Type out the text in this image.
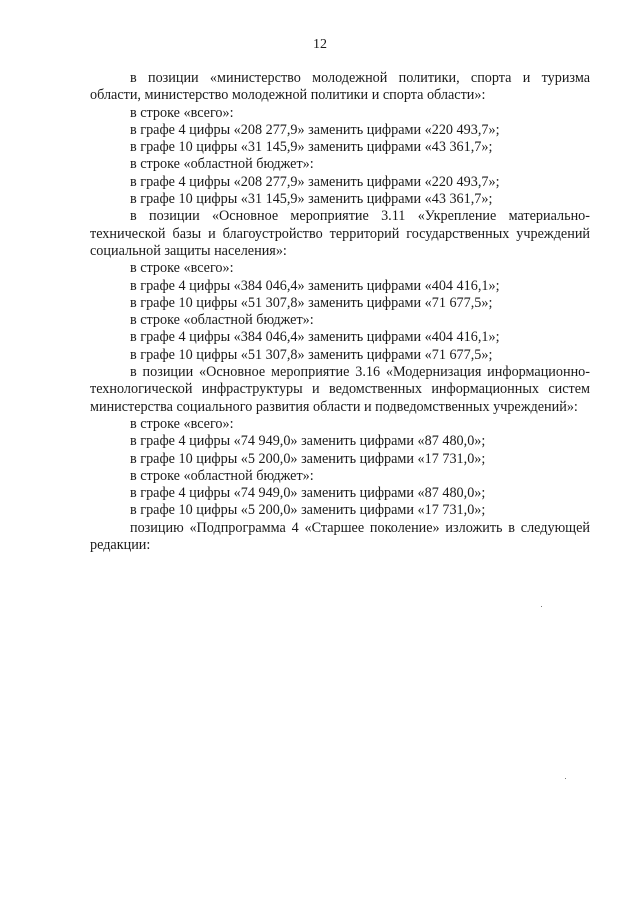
12

в позиции «министерство молодежной политики, спорта и туризма области, министерство молодежной политики и спорта области»:

в строке «всего»:

в графе 4 цифры «208 277,9» заменить цифрами «220 493,7»;

в графе 10 цифры «31 145,9» заменить цифрами «43 361,7»;

в строке «областной бюджет»:

в графе 4 цифры «208 277,9» заменить цифрами «220 493,7»;

в графе 10 цифры «31 145,9» заменить цифрами «43 361,7»;

в позиции «Основное мероприятие 3.11 «Укрепление материально-технической базы и благоустройство территорий государственных учреждений социальной защиты населения»:

в строке «всего»:

в графе 4 цифры «384 046,4» заменить цифрами «404 416,1»;

в графе 10 цифры «51 307,8» заменить цифрами «71 677,5»;

в строке «областной бюджет»:

в графе 4 цифры «384 046,4» заменить цифрами «404 416,1»;

в графе 10 цифры «51 307,8» заменить цифрами «71 677,5»;

в позиции «Основное мероприятие 3.16 «Модернизация информационно-технологической инфраструктуры и ведомственных информационных систем министерства социального развития области и подведомственных учреждений»:

в строке «всего»:

в графе 4 цифры «74 949,0» заменить цифрами «87 480,0»;

в графе 10 цифры «5 200,0» заменить цифрами «17 731,0»;

в строке «областной бюджет»:

в графе 4 цифры «74 949,0» заменить цифрами «87 480,0»;

в графе 10 цифры «5 200,0» заменить цифрами «17 731,0»;

позицию «Подпрограмма 4 «Старшее поколение» изложить в следующей редакции:
